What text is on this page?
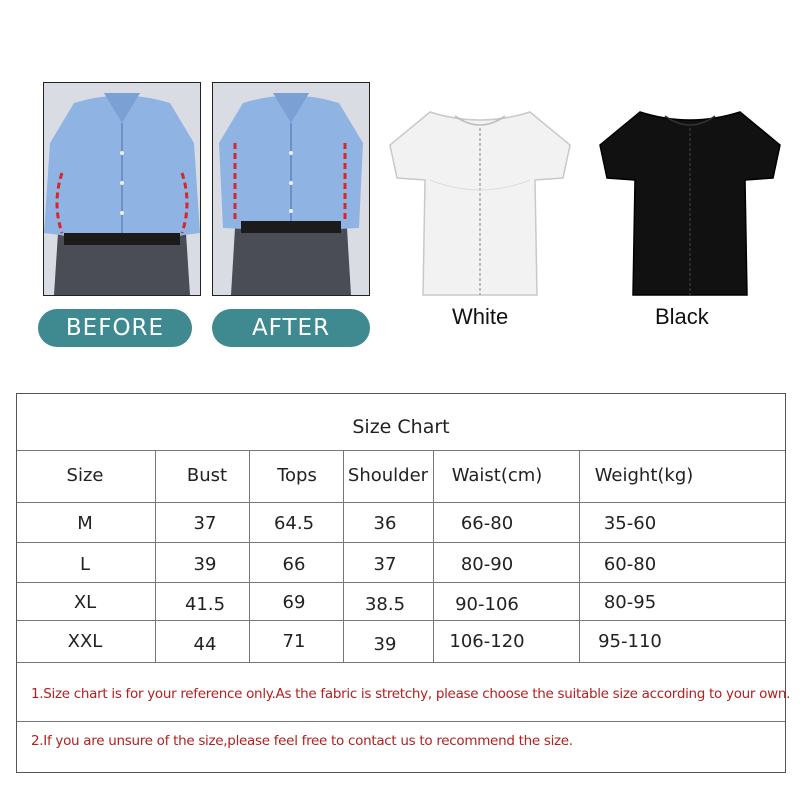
BEFORE	AFTER	White	Black
Size Chart
Size	Bust	Tops	Shoulder	Waist(cm)	Weight(kg)
M	37	64.5	36	66-80	35-60
L	39	66	37	80-90	60-80
XL	41.5	69	38.5	90-106	80-95
XXL	44	71	39	106-120	95-110
1.Size chart is for your reference only.As the fabric is stretchy, please choose the suitable size according to your own.
2.If you are unsure of the size,please feel free to contact us to recommend the size.
